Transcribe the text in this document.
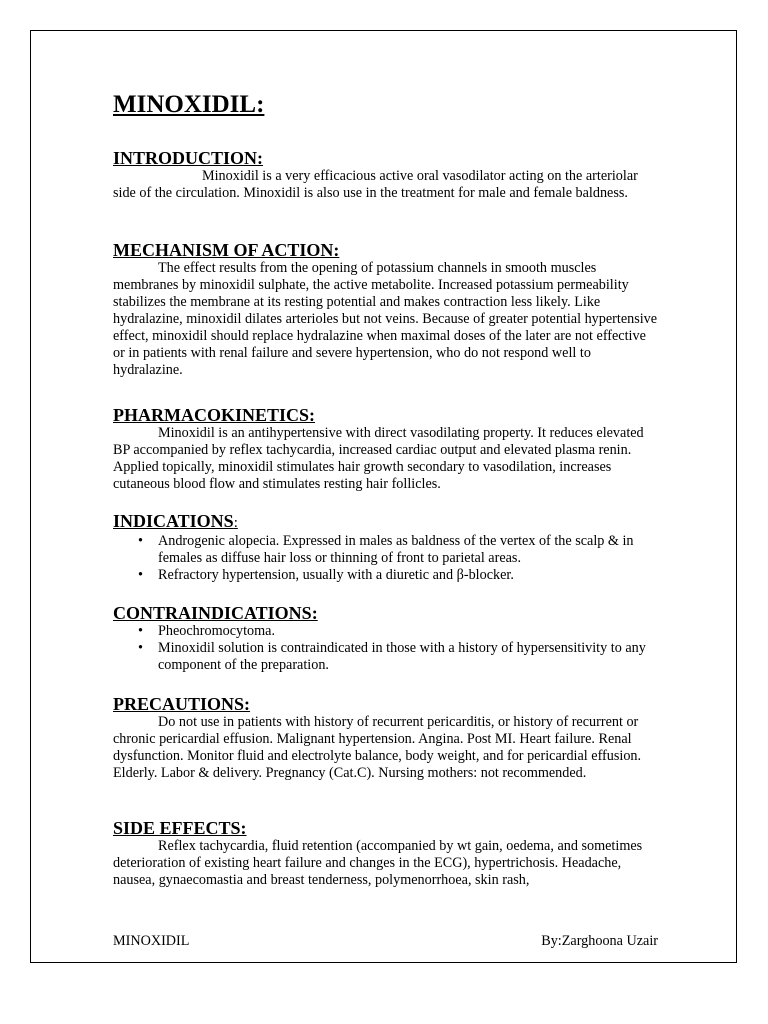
MINOXIDIL:
INTRODUCTION:

Minoxidil is a very efficacious active oral vasodilator acting on the arteriolar side of the circulation. Minoxidil is also use in the treatment for male and female baldness.

MECHANISM OF ACTION:

The effect results from the opening of potassium channels in smooth muscles membranes by minoxidil sulphate, the active metabolite. Increased potassium permeability stabilizes the membrane at its resting potential and makes contraction less likely. Like hydralazine, minoxidil dilates arterioles but not veins. Because of greater potential hypertensive effect, minoxidil should replace hydralazine when maximal doses of the later are not effective or in patients with renal failure and severe hypertension, who do not respond well to hydralazine.

PHARMACOKINETICS:

Minoxidil is an antihypertensive with direct vasodilating property. It reduces elevated BP accompanied by reflex tachycardia, increased cardiac output and elevated plasma renin. Applied topically, minoxidil stimulates hair growth secondary to vasodilation, increases cutaneous blood flow and stimulates resting hair follicles.

INDICATIONS:
• Androgenic alopecia. Expressed in males as baldness of the vertex of the scalp & in females as diffuse hair loss or thinning of front to parietal areas.
• Refractory hypertension, usually with a diuretic and β-blocker.
CONTRAINDICATIONS:
• Pheochromocytoma.
• Minoxidil solution is contraindicated in those with a history of hypersensitivity to any component of the preparation.
PRECAUTIONS:

Do not use in patients with history of recurrent pericarditis, or history of recurrent or chronic pericardial effusion. Malignant hypertension. Angina. Post MI. Heart failure. Renal dysfunction. Monitor fluid and electrolyte balance, body weight, and for pericardial effusion. Elderly. Labor & delivery. Pregnancy (Cat.C). Nursing mothers: not recommended.

SIDE EFFECTS:

Reflex tachycardia, fluid retention (accompanied by wt gain, oedema, and sometimes deterioration of existing heart failure and changes in the ECG), hypertrichosis. Headache, nausea, gynaecomastia and breast tenderness, polymenorrhoea, skin rash,

MINOXIDIL	By:Zarghoona Uzair
